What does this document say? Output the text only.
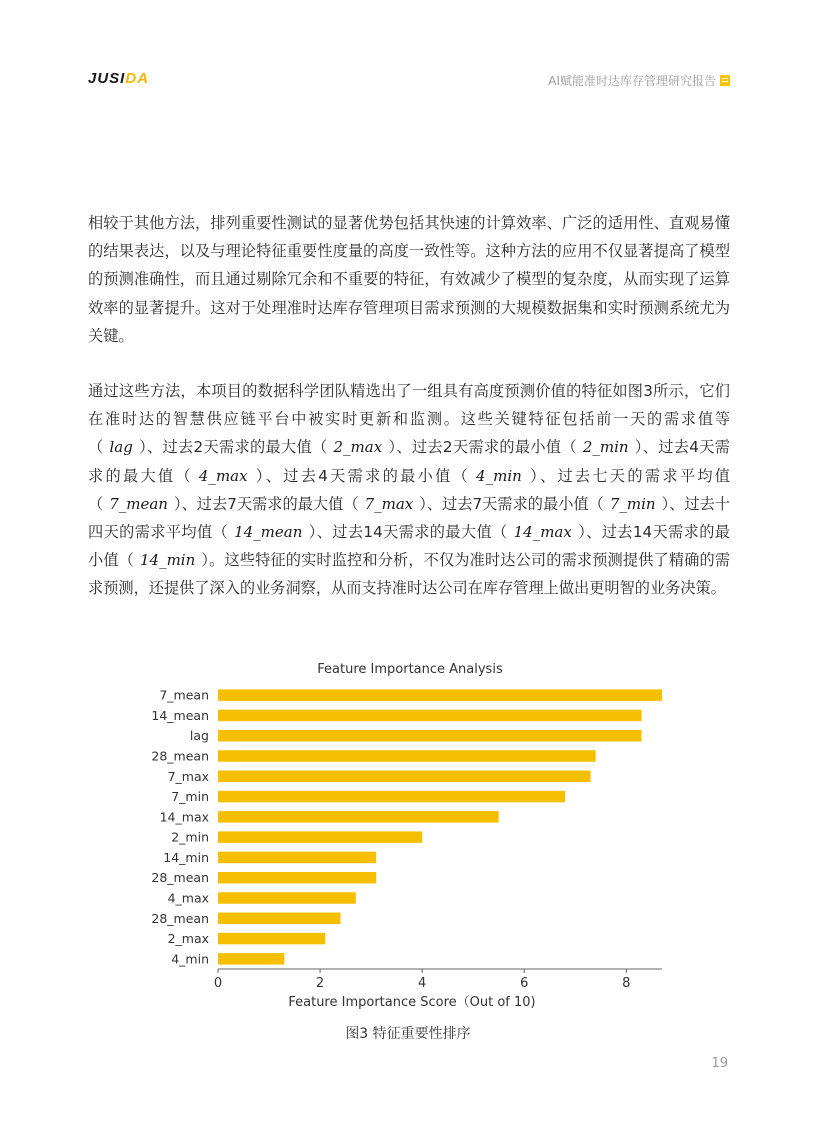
JUSIDA	AI赋能准时达库存管理研究报告

相较于其他方法，排列重要性测试的显著优势包括其快速的计算效率、广泛的适用性、直观易懂的结果表达，以及与理论特征重要性度量的高度一致性等。这种方法的应用不仅显著提高了模型的预测准确性，而且通过剔除冗余和不重要的特征，有效减少了模型的复杂度，从而实现了运算效率的显著提升。这对于处理准时达库存管理项目需求预测的大规模数据集和实时预测系统尤为关键。

通过这些方法，本项目的数据科学团队精选出了一组具有高度预测价值的特征如图3所示，它们在准时达的智慧供应链平台中被实时更新和监测。这些关键特征包括前一天的需求值等（ lag ）、过去2天需求的最大值（ 2_max ）、过去2天需求的最小值（ 2_min ）、过去4天需求的最大值（ 4_max ）、过去4天需求的最小值（ 4_min ）、过去七天的需求平均值（ 7_mean ）、过去7天需求的最大值（ 7_max ）、过去7天需求的最小值（ 7_min ）、过去十四天的需求平均值（ 14_mean ）、过去14天需求的最大值（ 14_max ）、过去14天需求的最小值（ 14_min ）。这些特征的实时监控和分析，不仅为准时达公司的需求预测提供了精确的需求预测，还提供了深入的业务洞察，从而支持准时达公司在库存管理上做出更明智的业务决策。

Feature Importance Analysis
7_mean
14_mean
lag
28_mean
7_max
7_min
14_max
2_min
14_min
28_mean
4_max
28_mean
2_max
4_min
0	2	4	6	8
Feature Importance Score（Out of 10)
图3 特征重要性排序
19
